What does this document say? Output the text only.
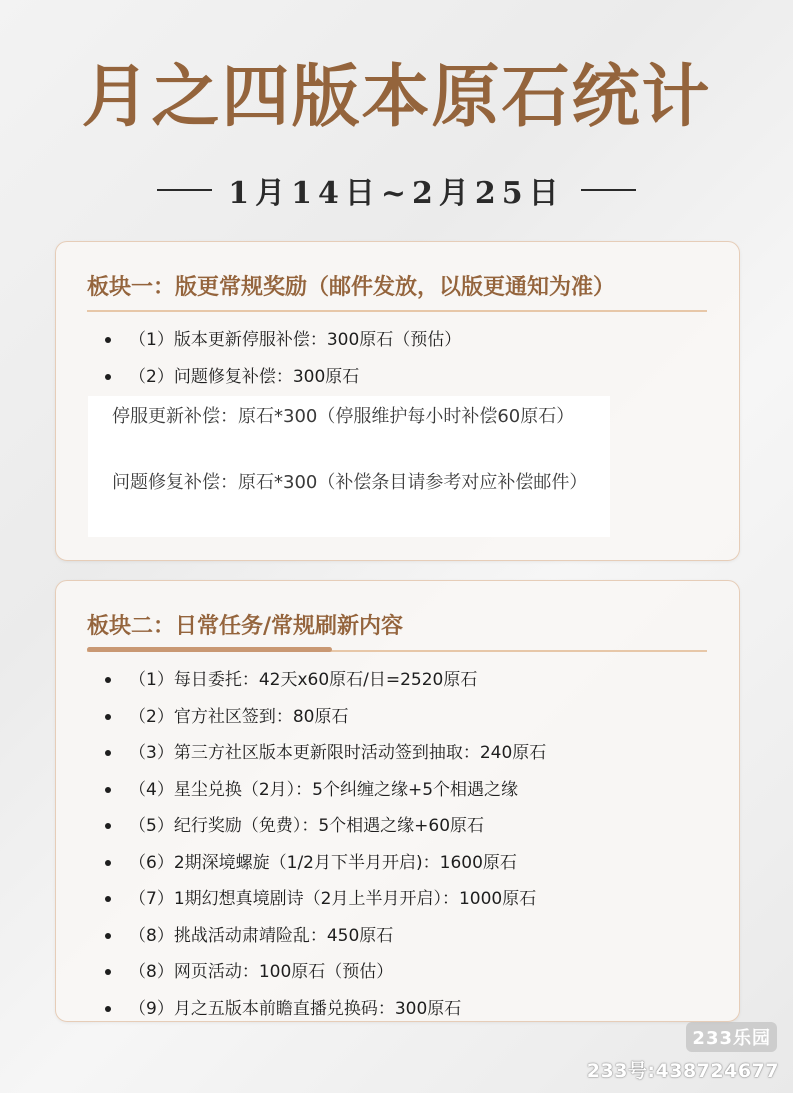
月之四版本原石统计
1月14日~2月25日
板块一：版更常规奖励（邮件发放，以版更通知为准）
（1）版本更新停服补偿：300原石（预估）
（2）问题修复补偿：300原石

停服更新补偿：原石*300（停服维护每小时补偿60原石）

问题修复补偿：原石*300（补偿条目请参考对应补偿邮件）

板块二：日常任务/常规刷新内容
（1）每日委托：42天x60原石/日=2520原石
（2）官方社区签到：80原石
（3）第三方社区版本更新限时活动签到抽取：240原石
（4）星尘兑换（2月）：5个纠缠之缘+5个相遇之缘
（5）纪行奖励（免费）：5个相遇之缘+60原石
（6）2期深境螺旋（1/2月下半月开启)：1600原石
（7）1期幻想真境剧诗（2月上半月开启）：1000原石
（8）挑战活动肃靖险乱：450原石
（8）网页活动：100原石（预估）
（9）月之五版本前瞻直播兑换码：300原石
233乐园
233号:438724677
